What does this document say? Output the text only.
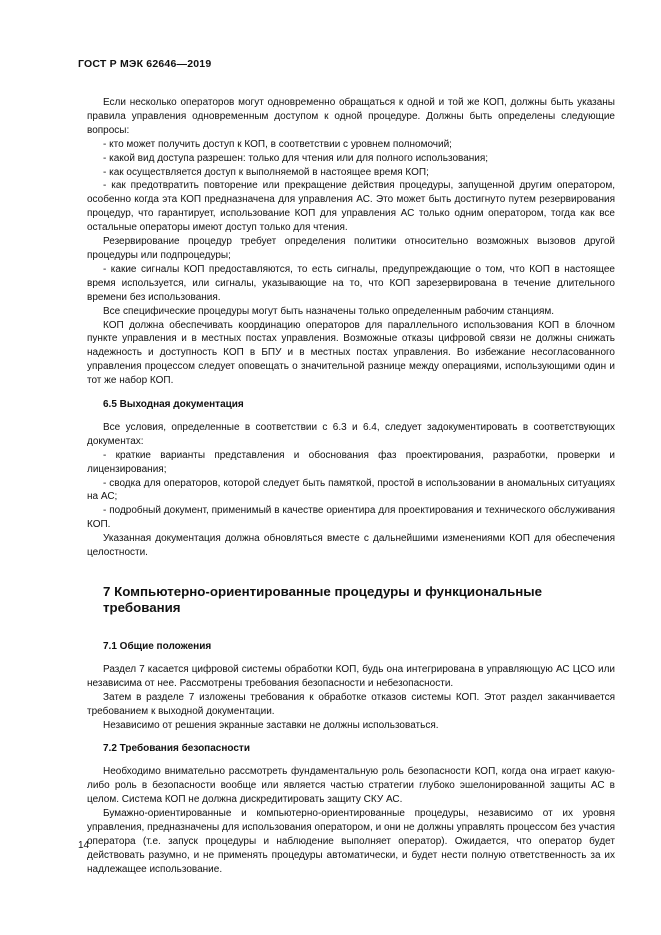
ГОСТ Р МЭК 62646—2019

Если несколько операторов могут одновременно обращаться к одной и той же КОП, должны быть указаны правила управления одновременным доступом к одной процедуре. Должны быть определены следующие вопросы:

- кто может получить доступ к КОП, в соответствии с уровнем полномочий;

- какой вид доступа разрешен: только для чтения или для полного использования;

- как осуществляется доступ к выполняемой в настоящее время КОП;

- как предотвратить повторение или прекращение действия процедуры, запущенной другим оператором, особенно когда эта КОП предназначена для управления АС. Это может быть достигнуто путем резервирования процедур, что гарантирует, использование КОП для управления АС только одним оператором, тогда как все остальные операторы имеют доступ только для чтения.

Резервирование процедур требует определения политики относительно возможных вызовов другой процедуры или подпроцедуры;

- какие сигналы КОП предоставляются, то есть сигналы, предупреждающие о том, что КОП в настоящее время используется, или сигналы, указывающие на то, что КОП зарезервирована в течение длительного времени без использования.

Все специфические процедуры могут быть назначены только определенным рабочим станциям.

КОП должна обеспечивать координацию операторов для параллельного использования КОП в блочном пункте управления и в местных постах управления. Возможные отказы цифровой связи не должны снижать надежность и доступность КОП в БПУ и в местных постах управления. Во избежание несогласованного управления процессом следует оповещать о значительной разнице между операциями, использующими один и тот же набор КОП.

6.5 Выходная документация

Все условия, определенные в соответствии с 6.3 и 6.4, следует задокументировать в соответствующих документах:

- краткие варианты представления и обоснования фаз проектирования, разработки, проверки и лицензирования;

- сводка для операторов, которой следует быть памяткой, простой в использовании в аномальных ситуациях на АС;

- подробный документ, применимый в качестве ориентира для проектирования и технического обслуживания КОП.

Указанная документация должна обновляться вместе с дальнейшими изменениями КОП для обеспечения целостности.

7 Компьютерно-ориентированные процедуры и функциональные требования

7.1 Общие положения

Раздел 7 касается цифровой системы обработки КОП, будь она интегрирована в управляющую АС ЦСО или независима от нее. Рассмотрены требования безопасности и небезопасности.

Затем в разделе 7 изложены требования к обработке отказов системы КОП. Этот раздел заканчивается требованием к выходной документации.

Независимо от решения экранные заставки не должны использоваться.

7.2 Требования безопасности

Необходимо внимательно рассмотреть фундаментальную роль безопасности КОП, когда она играет какую-либо роль в безопасности вообще или является частью стратегии глубоко эшелонированной защиты АС в целом. Система КОП не должна дискредитировать защиту СКУ АС.

Бумажно-ориентированные и компьютерно-ориентированные процедуры, независимо от их уровня управления, предназначены для использования оператором, и они не должны управлять процессом без участия оператора (т.е. запуск процедуры и наблюдение выполняет оператор). Ожидается, что оператор будет действовать разумно, и не применять процедуры автоматически, и будет нести полную ответственность за их надлежащее использование.

14
